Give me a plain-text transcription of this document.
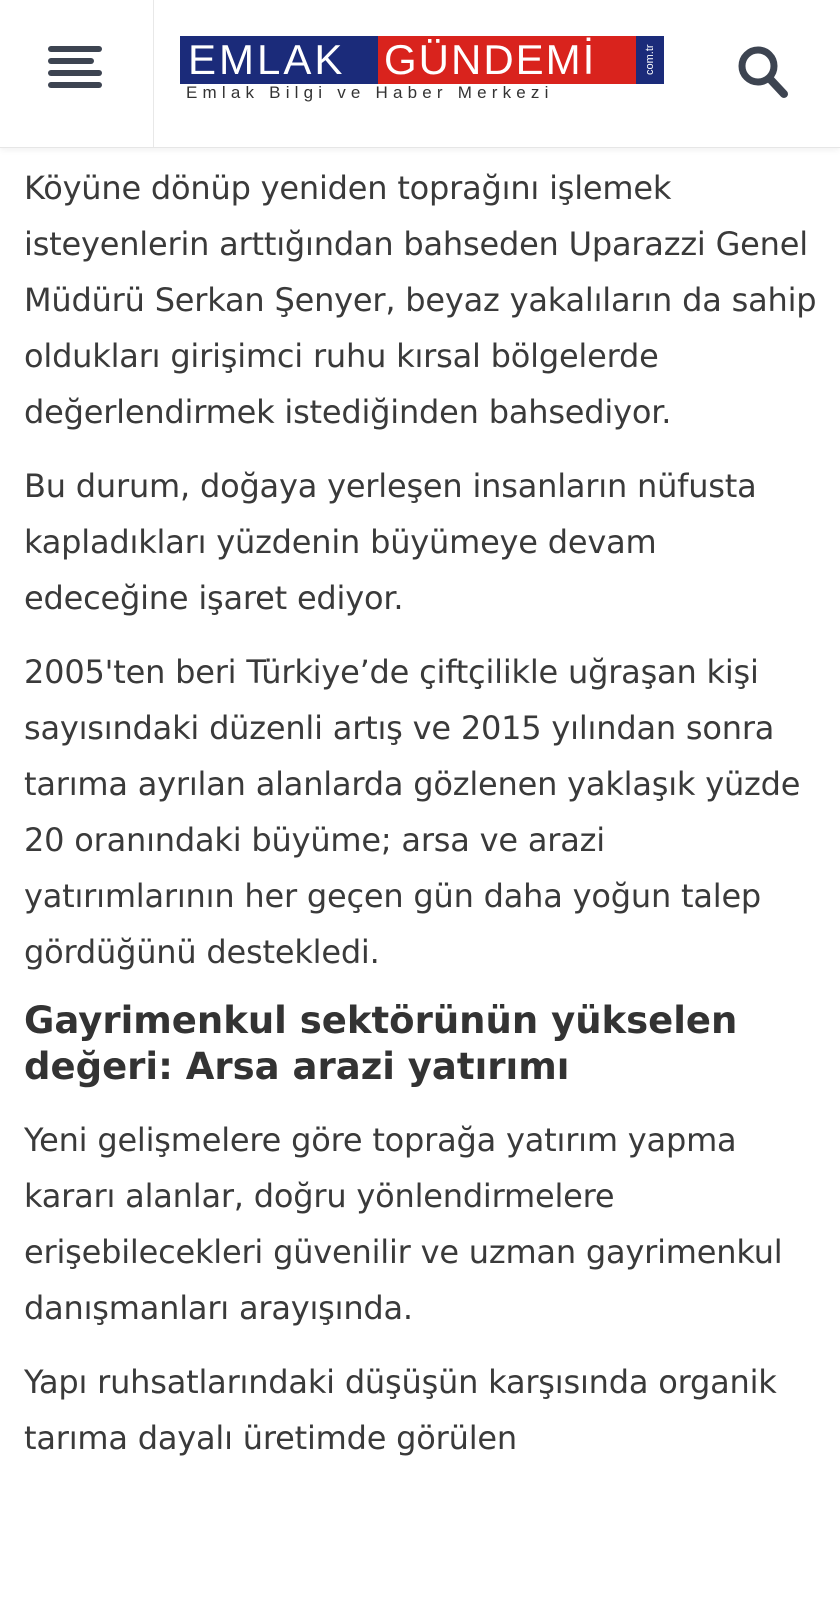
EMLAK GÜNDEMİ	com.tr
Emlak Bilgi ve Haber Merkezi

Köyüne dönüp yeniden toprağını işlemek isteyenlerin arttığından bahseden Uparazzi Genel Müdürü Serkan Şenyer, beyaz yakalıların da sahip oldukları girişimci ruhu kırsal bölgelerde değerlendirmek istediğinden bahsediyor.

Bu durum, doğaya yerleşen insanların nüfusta kapladıkları yüzdenin büyümeye devam edeceğine işaret ediyor.

2005'ten beri Türkiye’de çiftçilikle uğraşan kişi sayısındaki düzenli artış ve 2015 yılından sonra tarıma ayrılan alanlarda gözlenen yaklaşık yüzde 20 oranındaki büyüme; arsa ve arazi yatırımlarının her geçen gün daha yoğun talep gördüğünü destekledi.

Gayrimenkul sektörünün yükselen değeri: Arsa arazi yatırımı

Yeni gelişmelere göre toprağa yatırım yapma kararı alanlar, doğru yönlendirmelere erişebilecekleri güvenilir ve uzman gayrimenkul danışmanları arayışında.

Yapı ruhsatlarındaki düşüşün karşısında organik tarıma dayalı üretimde görülen
